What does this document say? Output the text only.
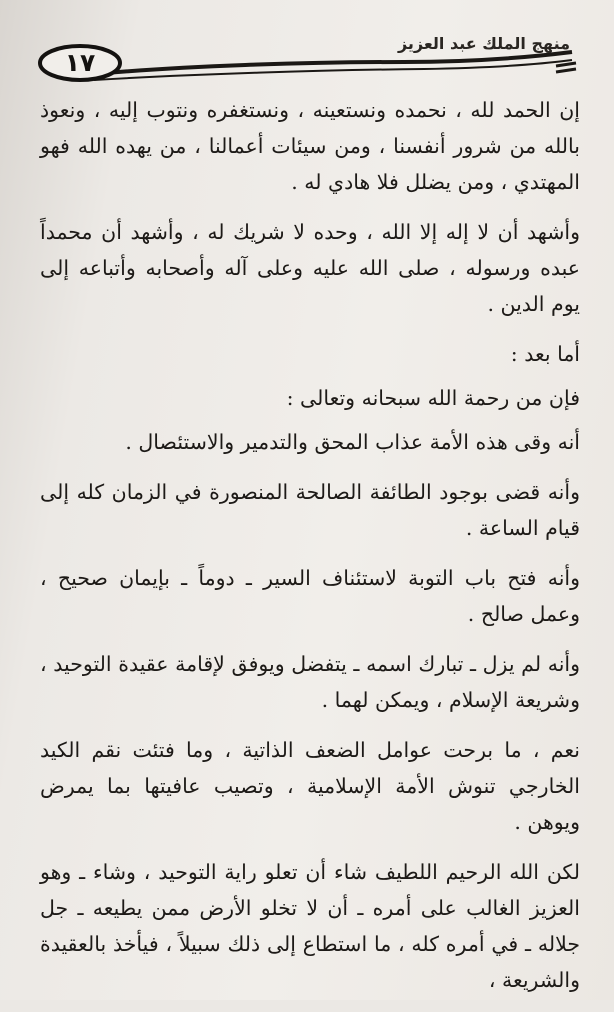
منهج الملك عبد العزيز
١٧

إن الحمد لله ، نحمده ونستعينه ، ونستغفره ونتوب إليه ، ونعوذ بالله من شرور أنفسنا ، ومن سيئات أعمالنا ، من يهده الله فهو المهتدي ، ومن يضلل فلا هادي له .

وأشهد أن لا إله إلا الله ، وحده لا شريك له ، وأشهد أن محمداً عبده ورسوله ، صلى الله عليه وعلى آله وأصحابه وأتباعه إلى يوم الدين .

أما بعد :

فإن من رحمة الله سبحانه وتعالى :

أنه وقى هذه الأمة عذاب المحق والتدمير والاستئصال .

وأنه قضى بوجود الطائفة الصالحة المنصورة في الزمان كله إلى قيام الساعة .

وأنه فتح باب التوبة لاستئناف السير ـ دوماً ـ بإيمان صحيح ، وعمل صالح .

وأنه لم يزل ـ تبارك اسمه ـ يتفضل ويوفق لإقامة عقيدة التوحيد ، وشريعة الإسلام ، ويمكن لهما .

نعم ، ما برحت عوامل الضعف الذاتية ، وما فتئت نقم الكيد الخارجي تنوش الأمة الإسلامية ، وتصيب عافيتها بما يمرض ويوهن .

لكن الله الرحيم اللطيف شاء أن تعلو راية التوحيد ، وشاء ـ وهو العزيز الغالب على أمره ـ أن لا تخلو الأرض ممن يطيعه ـ جل جلاله ـ في أمره كله ، ما استطاع إلى ذلك سبيلاً ، فيأخذ بالعقيدة والشريعة ،
